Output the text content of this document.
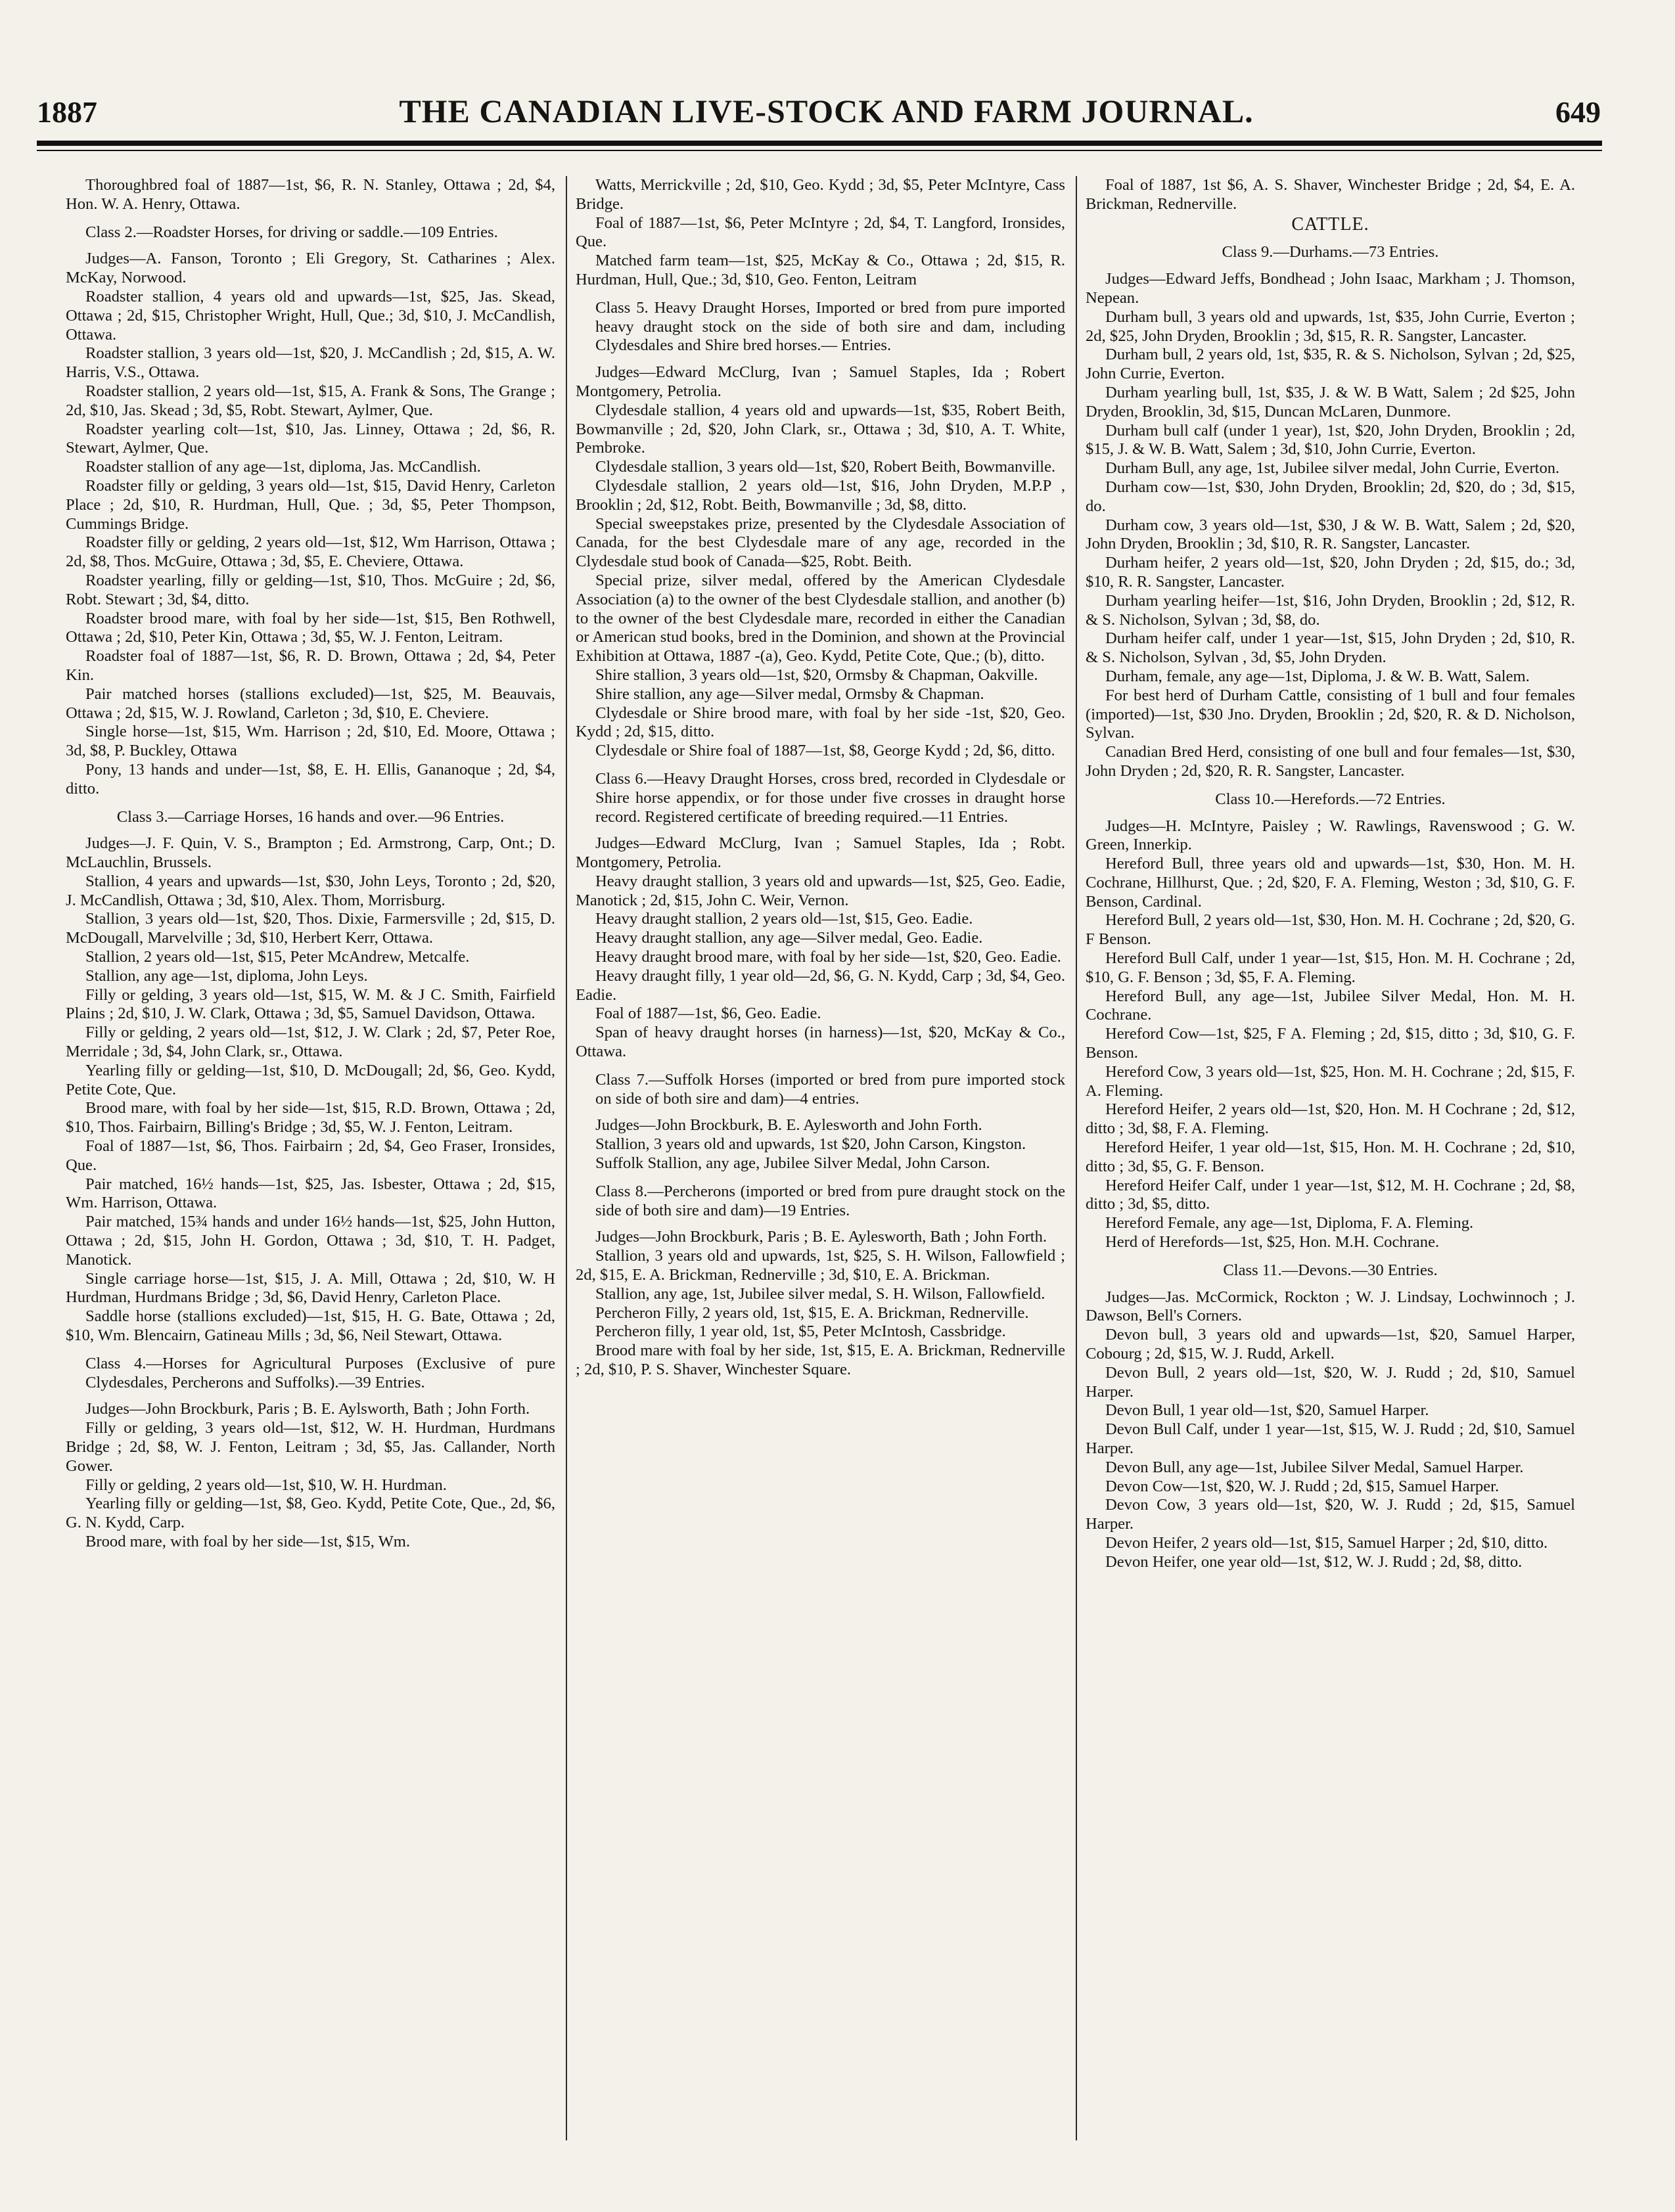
1887	THE CANADIAN LIVE-STOCK AND FARM JOURNAL.	649

Thoroughbred foal of 1887—1st, $6, R. N. Stanley, Ottawa ; 2d, $4, Hon. W. A. Henry, Ottawa.

Class 2.—Roadster Horses, for driving or saddle.—109 Entries.

Judges—A. Fanson, Toronto ; Eli Gregory, St. Catharines ; Alex. McKay, Norwood.

Roadster stallion, 4 years old and upwards—1st, $25, Jas. Skead, Ottawa ; 2d, $15, Christopher Wright, Hull, Que.; 3d, $10, J. McCandlish, Ottawa.

Roadster stallion, 3 years old—1st, $20, J. McCandlish ; 2d, $15, A. W. Harris, V.S., Ottawa.

Roadster stallion, 2 years old—1st, $15, A. Frank & Sons, The Grange ; 2d, $10, Jas. Skead ; 3d, $5, Robt. Stewart, Aylmer, Que.

Roadster yearling colt—1st, $10, Jas. Linney, Ottawa ; 2d, $6, R. Stewart, Aylmer, Que.

Roadster stallion of any age—1st, diploma, Jas. McCandlish.

Roadster filly or gelding, 3 years old—1st, $15, David Henry, Carleton Place ; 2d, $10, R. Hurdman, Hull, Que. ; 3d, $5, Peter Thompson, Cummings Bridge.

Roadster filly or gelding, 2 years old—1st, $12, Wm Harrison, Ottawa ; 2d, $8, Thos. McGuire, Ottawa ; 3d, $5, E. Cheviere, Ottawa.

Roadster yearling, filly or gelding—1st, $10, Thos. McGuire ; 2d, $6, Robt. Stewart ; 3d, $4, ditto.

Roadster brood mare, with foal by her side—1st, $15, Ben Rothwell, Ottawa ; 2d, $10, Peter Kin, Ottawa ; 3d, $5, W. J. Fenton, Leitram.

Roadster foal of 1887—1st, $6, R. D. Brown, Ottawa ; 2d, $4, Peter Kin.

Pair matched horses (stallions excluded)—1st, $25, M. Beauvais, Ottawa ; 2d, $15, W. J. Rowland, Carleton ; 3d, $10, E. Cheviere.

Single horse—1st, $15, Wm. Harrison ; 2d, $10, Ed. Moore, Ottawa ; 3d, $8, P. Buckley, Ottawa

Pony, 13 hands and under—1st, $8, E. H. Ellis, Gananoque ; 2d, $4, ditto.

Class 3.—Carriage Horses, 16 hands and over.—96 Entries.

Judges—J. F. Quin, V. S., Brampton ; Ed. Armstrong, Carp, Ont.; D. McLauchlin, Brussels.

Stallion, 4 years and upwards—1st, $30, John Leys, Toronto ; 2d, $20, J. McCandlish, Ottawa ; 3d, $10, Alex. Thom, Morrisburg.

Stallion, 3 years old—1st, $20, Thos. Dixie, Farmersville ; 2d, $15, D. McDougall, Marvelville ; 3d, $10, Herbert Kerr, Ottawa.

Stallion, 2 years old—1st, $15, Peter McAndrew, Metcalfe.

Stallion, any age—1st, diploma, John Leys.

Filly or gelding, 3 years old—1st, $15, W. M. & J C. Smith, Fairfield Plains ; 2d, $10, J. W. Clark, Ottawa ; 3d, $5, Samuel Davidson, Ottawa.

Filly or gelding, 2 years old—1st, $12, J. W. Clark ; 2d, $7, Peter Roe, Merridale ; 3d, $4, John Clark, sr., Ottawa.

Yearling filly or gelding—1st, $10, D. McDougall; 2d, $6, Geo. Kydd, Petite Cote, Que.

Brood mare, with foal by her side—1st, $15, R.D. Brown, Ottawa ; 2d, $10, Thos. Fairbairn, Billing's Bridge ; 3d, $5, W. J. Fenton, Leitram.

Foal of 1887—1st, $6, Thos. Fairbairn ; 2d, $4, Geo Fraser, Ironsides, Que.

Pair matched, 16½ hands—1st, $25, Jas. Isbester, Ottawa ; 2d, $15, Wm. Harrison, Ottawa.

Pair matched, 15¾ hands and under 16½ hands—1st, $25, John Hutton, Ottawa ; 2d, $15, John H. Gordon, Ottawa ; 3d, $10, T. H. Padget, Manotick.

Single carriage horse—1st, $15, J. A. Mill, Ottawa ; 2d, $10, W. H Hurdman, Hurdmans Bridge ; 3d, $6, David Henry, Carleton Place.

Saddle horse (stallions excluded)—1st, $15, H. G. Bate, Ottawa ; 2d, $10, Wm. Blencairn, Gatineau Mills ; 3d, $6, Neil Stewart, Ottawa.

Class 4.—Horses for Agricultural Purposes (Exclusive of pure Clydesdales, Percherons and Suffolks).—39 Entries.

Judges—John Brockburk, Paris ; B. E. Aylsworth, Bath ; John Forth.

Filly or gelding, 3 years old—1st, $12, W. H. Hurdman, Hurdmans Bridge ; 2d, $8, W. J. Fenton, Leitram ; 3d, $5, Jas. Callander, North Gower.

Filly or gelding, 2 years old—1st, $10, W. H. Hurdman.

Yearling filly or gelding—1st, $8, Geo. Kydd, Petite Cote, Que., 2d, $6, G. N. Kydd, Carp.

Brood mare, with foal by her side—1st, $15, Wm.

Watts, Merrickville ; 2d, $10, Geo. Kydd ; 3d, $5, Peter McIntyre, Cass Bridge.

Foal of 1887—1st, $6, Peter McIntyre ; 2d, $4, T. Langford, Ironsides, Que.

Matched farm team—1st, $25, McKay & Co., Ottawa ; 2d, $15, R. Hurdman, Hull, Que.; 3d, $10, Geo. Fenton, Leitram

Class 5. Heavy Draught Horses, Imported or bred from pure imported heavy draught stock on the side of both sire and dam, including Clydesdales and Shire bred horses.— Entries.

Judges—Edward McClurg, Ivan ; Samuel Staples, Ida ; Robert Montgomery, Petrolia.

Clydesdale stallion, 4 years old and upwards—1st, $35, Robert Beith, Bowmanville ; 2d, $20, John Clark, sr., Ottawa ; 3d, $10, A. T. White, Pembroke.

Clydesdale stallion, 3 years old—1st, $20, Robert Beith, Bowmanville.

Clydesdale stallion, 2 years old—1st, $16, John Dryden, M.P.P , Brooklin ; 2d, $12, Robt. Beith, Bowmanville ; 3d, $8, ditto.

Special sweepstakes prize, presented by the Clydesdale Association of Canada, for the best Clydesdale mare of any age, recorded in the Clydesdale stud book of Canada—$25, Robt. Beith.

Special prize, silver medal, offered by the American Clydesdale Association (a) to the owner of the best Clydesdale stallion, and another (b) to the owner of the best Clydesdale mare, recorded in either the Canadian or American stud books, bred in the Dominion, and shown at the Provincial Exhibition at Ottawa, 1887 -(a), Geo. Kydd, Petite Cote, Que.; (b), ditto.

Shire stallion, 3 years old—1st, $20, Ormsby & Chapman, Oakville.

Shire stallion, any age—Silver medal, Ormsby & Chapman.

Clydesdale or Shire brood mare, with foal by her side -1st, $20, Geo. Kydd ; 2d, $15, ditto.

Clydesdale or Shire foal of 1887—1st, $8, George Kydd ; 2d, $6, ditto.

Class 6.—Heavy Draught Horses, cross bred, recorded in Clydesdale or Shire horse appendix, or for those under five crosses in draught horse record. Registered certificate of breeding required.—11 Entries.

Judges—Edward McClurg, Ivan ; Samuel Staples, Ida ; Robt. Montgomery, Petrolia.

Heavy draught stallion, 3 years old and upwards—1st, $25, Geo. Eadie, Manotick ; 2d, $15, John C. Weir, Vernon.

Heavy draught stallion, 2 years old—1st, $15, Geo. Eadie.

Heavy draught stallion, any age—Silver medal, Geo. Eadie.

Heavy draught brood mare, with foal by her side—1st, $20, Geo. Eadie.

Heavy draught filly, 1 year old—2d, $6, G. N. Kydd, Carp ; 3d, $4, Geo. Eadie.

Foal of 1887—1st, $6, Geo. Eadie.

Span of heavy draught horses (in harness)—1st, $20, McKay & Co., Ottawa.

Class 7.—Suffolk Horses (imported or bred from pure imported stock on side of both sire and dam)—4 entries.

Judges—John Brockburk, B. E. Aylesworth and John Forth.

Stallion, 3 years old and upwards, 1st $20, John Carson, Kingston.

Suffolk Stallion, any age, Jubilee Silver Medal, John Carson.

Class 8.—Percherons (imported or bred from pure draught stock on the side of both sire and dam)—19 Entries.

Judges—John Brockburk, Paris ; B. E. Aylesworth, Bath ; John Forth.

Stallion, 3 years old and upwards, 1st, $25, S. H. Wilson, Fallowfield ; 2d, $15, E. A. Brickman, Rednerville ; 3d, $10, E. A. Brickman.

Stallion, any age, 1st, Jubilee silver medal, S. H. Wilson, Fallowfield.

Percheron Filly, 2 years old, 1st, $15, E. A. Brickman, Rednerville.

Percheron filly, 1 year old, 1st, $5, Peter McIntosh, Cassbridge.

Brood mare with foal by her side, 1st, $15, E. A. Brickman, Rednerville ; 2d, $10, P. S. Shaver, Winchester Square.

Foal of 1887, 1st $6, A. S. Shaver, Winchester Bridge ; 2d, $4, E. A. Brickman, Rednerville.

CATTLE.

Class 9.—Durhams.—73 Entries.

Judges—Edward Jeffs, Bondhead ; John Isaac, Markham ; J. Thomson, Nepean.

Durham bull, 3 years old and upwards, 1st, $35, John Currie, Everton ; 2d, $25, John Dryden, Brooklin ; 3d, $15, R. R. Sangster, Lancaster.

Durham bull, 2 years old, 1st, $35, R. & S. Nicholson, Sylvan ; 2d, $25, John Currie, Everton.

Durham yearling bull, 1st, $35, J. & W. B Watt, Salem ; 2d $25, John Dryden, Brooklin, 3d, $15, Duncan McLaren, Dunmore.

Durham bull calf (under 1 year), 1st, $20, John Dryden, Brooklin ; 2d, $15, J. & W. B. Watt, Salem ; 3d, $10, John Currie, Everton.

Durham Bull, any age, 1st, Jubilee silver medal, John Currie, Everton.

Durham cow—1st, $30, John Dryden, Brooklin; 2d, $20, do ; 3d, $15, do.

Durham cow, 3 years old—1st, $30, J & W. B. Watt, Salem ; 2d, $20, John Dryden, Brooklin ; 3d, $10, R. R. Sangster, Lancaster.

Durham heifer, 2 years old—1st, $20, John Dryden ; 2d, $15, do.; 3d, $10, R. R. Sangster, Lancaster.

Durham yearling heifer—1st, $16, John Dryden, Brooklin ; 2d, $12, R. & S. Nicholson, Sylvan ; 3d, $8, do.

Durham heifer calf, under 1 year—1st, $15, John Dryden ; 2d, $10, R. & S. Nicholson, Sylvan , 3d, $5, John Dryden.

Durham, female, any age—1st, Diploma, J. & W. B. Watt, Salem.

For best herd of Durham Cattle, consisting of 1 bull and four females (imported)—1st, $30 Jno. Dryden, Brooklin ; 2d, $20, R. & D. Nicholson, Sylvan.

Canadian Bred Herd, consisting of one bull and four females—1st, $30, John Dryden ; 2d, $20, R. R. Sangster, Lancaster.

Class 10.—Herefords.—72 Entries.

Judges—H. McIntyre, Paisley ; W. Rawlings, Ravenswood ; G. W. Green, Innerkip.

Hereford Bull, three years old and upwards—1st, $30, Hon. M. H. Cochrane, Hillhurst, Que. ; 2d, $20, F. A. Fleming, Weston ; 3d, $10, G. F. Benson, Cardinal.

Hereford Bull, 2 years old—1st, $30, Hon. M. H. Cochrane ; 2d, $20, G. F Benson.

Hereford Bull Calf, under 1 year—1st, $15, Hon. M. H. Cochrane ; 2d, $10, G. F. Benson ; 3d, $5, F. A. Fleming.

Hereford Bull, any age—1st, Jubilee Silver Medal, Hon. M. H. Cochrane.

Hereford Cow—1st, $25, F A. Fleming ; 2d, $15, ditto ; 3d, $10, G. F. Benson.

Hereford Cow, 3 years old—1st, $25, Hon. M. H. Cochrane ; 2d, $15, F. A. Fleming.

Hereford Heifer, 2 years old—1st, $20, Hon. M. H Cochrane ; 2d, $12, ditto ; 3d, $8, F. A. Fleming.

Hereford Heifer, 1 year old—1st, $15, Hon. M. H. Cochrane ; 2d, $10, ditto ; 3d, $5, G. F. Benson.

Hereford Heifer Calf, under 1 year—1st, $12, M. H. Cochrane ; 2d, $8, ditto ; 3d, $5, ditto.

Hereford Female, any age—1st, Diploma, F. A. Fleming.

Herd of Herefords—1st, $25, Hon. M.H. Cochrane.

Class 11.—Devons.—30 Entries.

Judges—Jas. McCormick, Rockton ; W. J. Lindsay, Lochwinnoch ; J. Dawson, Bell's Corners.

Devon bull, 3 years old and upwards—1st, $20, Samuel Harper, Cobourg ; 2d, $15, W. J. Rudd, Arkell.

Devon Bull, 2 years old—1st, $20, W. J. Rudd ; 2d, $10, Samuel Harper.

Devon Bull, 1 year old—1st, $20, Samuel Harper.

Devon Bull Calf, under 1 year—1st, $15, W. J. Rudd ; 2d, $10, Samuel Harper.

Devon Bull, any age—1st, Jubilee Silver Medal, Samuel Harper.

Devon Cow—1st, $20, W. J. Rudd ; 2d, $15, Samuel Harper.

Devon Cow, 3 years old—1st, $20, W. J. Rudd ; 2d, $15, Samuel Harper.

Devon Heifer, 2 years old—1st, $15, Samuel Harper ; 2d, $10, ditto.

Devon Heifer, one year old—1st, $12, W. J. Rudd ; 2d, $8, ditto.
